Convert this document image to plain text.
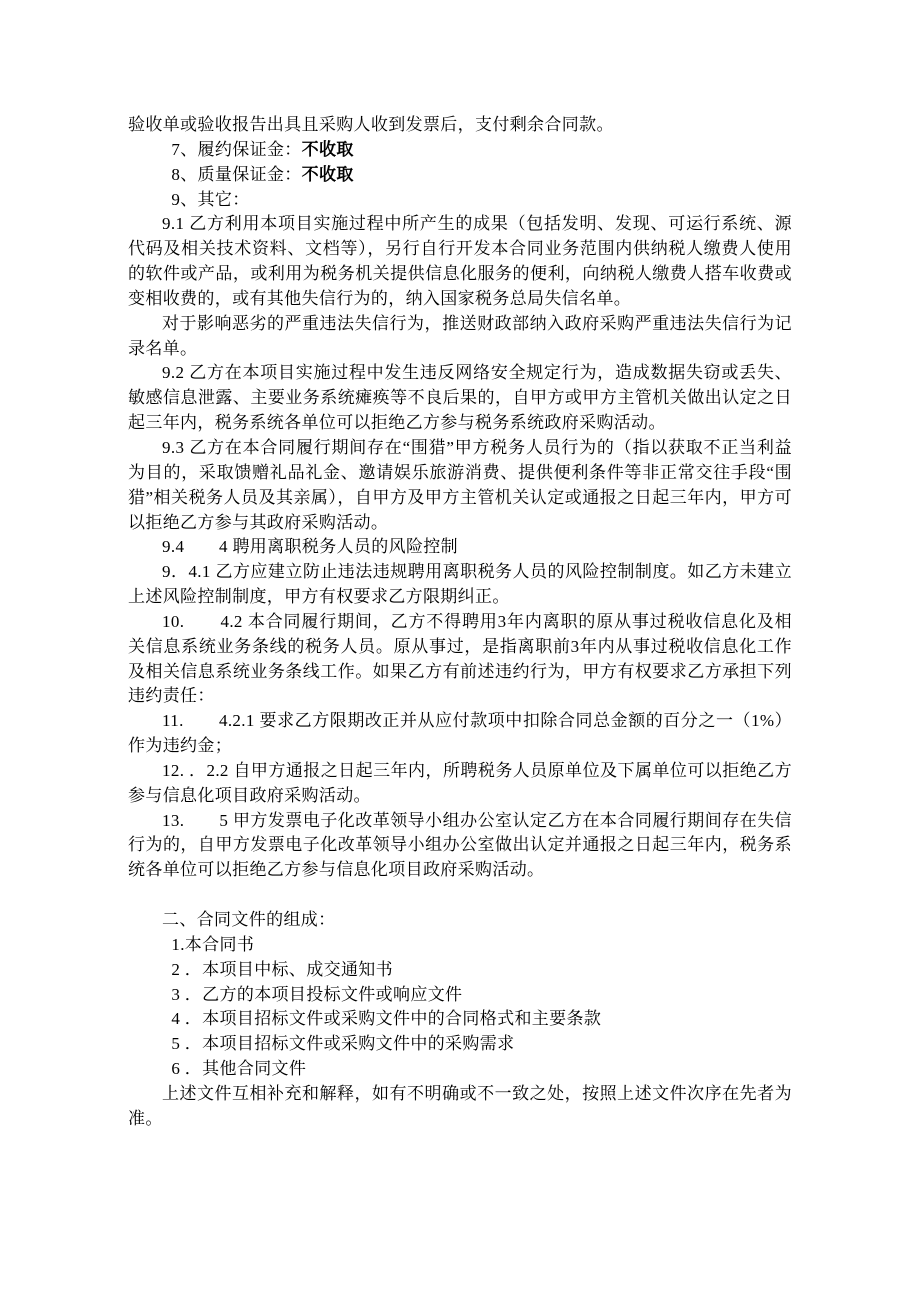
验收单或验收报告出具且采购人收到发票后，支付剩余合同款。

7、履约保证金：不收取

8、质量保证金：不收取

9、其它：

9.1 乙方利用本项目实施过程中所产生的成果（包括发明、发现、可运行系统、源代码及相关技术资料、文档等），另行自行开发本合同业务范围内供纳税人缴费人使用的软件或产品，或利用为税务机关提供信息化服务的便利，向纳税人缴费人搭车收费或变相收费的，或有其他失信行为的，纳入国家税务总局失信名单。

对于影响恶劣的严重违法失信行为，推送财政部纳入政府采购严重违法失信行为记录名单。

9.2 乙方在本项目实施过程中发生违反网络安全规定行为，造成数据失窃或丢失、敏感信息泄露、主要业务系统瘫痪等不良后果的，自甲方或甲方主管机关做出认定之日起三年内，税务系统各单位可以拒绝乙方参与税务系统政府采购活动。

9.3 乙方在本合同履行期间存在“围猎”甲方税务人员行为的（指以获取不正当利益为目的，采取馈赠礼品礼金、邀请娱乐旅游消费、提供便利条件等非正常交往手段“围猎”相关税务人员及其亲属），自甲方及甲方主管机关认定或通报之日起三年内，甲方可以拒绝乙方参与其政府采购活动。

9.4　　4 聘用离职税务人员的风险控制

9．4.1 乙方应建立防止违法违规聘用离职税务人员的风险控制制度。如乙方未建立上述风险控制制度，甲方有权要求乙方限期纠正。

10.　　4.2 本合同履行期间，乙方不得聘用3年内离职的原从事过税收信息化及相关信息系统业务条线的税务人员。原从事过，是指离职前3年内从事过税收信息化工作及相关信息系统业务条线工作。如果乙方有前述违约行为，甲方有权要求乙方承担下列违约责任：

11.　　4.2.1 要求乙方限期改正并从应付款项中扣除合同总金额的百分之一（1%）作为违约金；

12. ．2.2 自甲方通报之日起三年内，所聘税务人员原单位及下属单位可以拒绝乙方参与信息化项目政府采购活动。

13.　　5 甲方发票电子化改革领导小组办公室认定乙方在本合同履行期间存在失信行为的，自甲方发票电子化改革领导小组办公室做出认定并通报之日起三年内，税务系统各单位可以拒绝乙方参与信息化项目政府采购活动。

二、合同文件的组成：

1.本合同书

2 ．本项目中标、成交通知书

3 ．乙方的本项目投标文件或响应文件

4 ．本项目招标文件或采购文件中的合同格式和主要条款

5 ．本项目招标文件或采购文件中的采购需求

6 ．其他合同文件

上述文件互相补充和解释，如有不明确或不一致之处，按照上述文件次序在先者为准。
